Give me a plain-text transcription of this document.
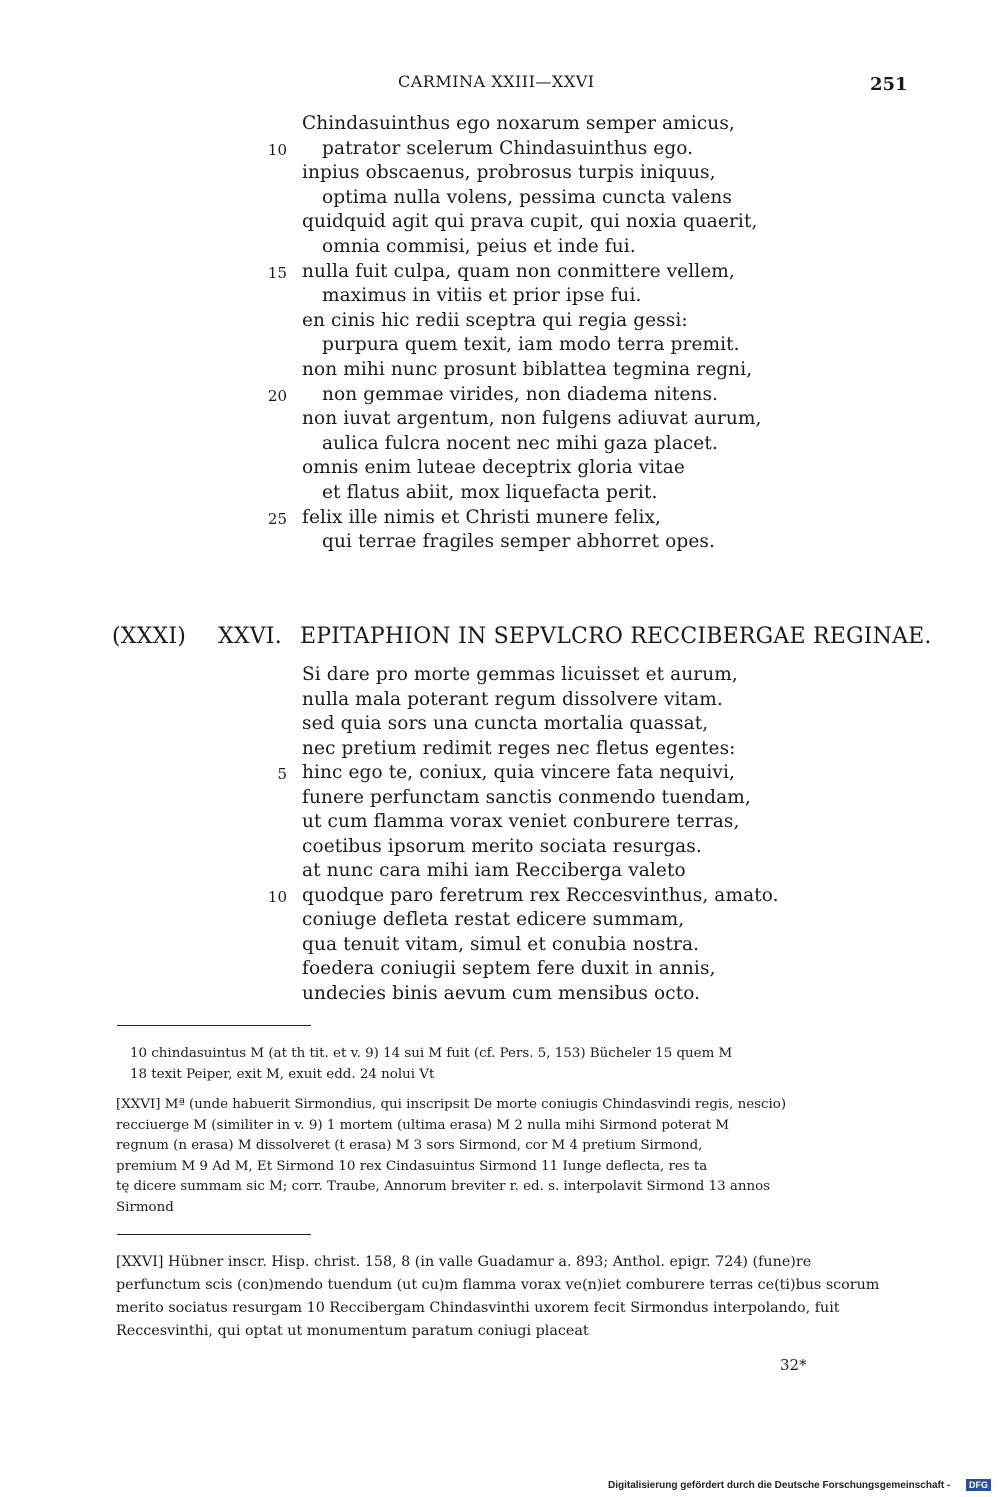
CARMINA XXIII—XXVI	251
Chindasuinthus ego noxarum semper amicus,
10 patrator scelerum Chindasuinthus ego.
inpius obscaenus, probrosus turpis iniquus,
optima nulla volens, pessima cuncta valens
quidquid agit qui prava cupit, qui noxia quaerit,
omnia commisi, peius et inde fui.
15 nulla fuit culpa, quam non conmittere vellem,
maximus in vitiis et prior ipse fui.
en cinis hic redii sceptra qui regia gessi:
purpura quem texit, iam modo terra premit.
non mihi nunc prosunt biblattea tegmina regni,
20 non gemmae virides, non diadema nitens.
non iuvat argentum, non fulgens adiuvat aurum,
aulica fulcra nocent nec mihi gaza placet.
omnis enim luteae deceptrix gloria vitae
et flatus abiit, mox liquefacta perit.
25 felix ille nimis et Christi munere felix,
qui terrae fragiles semper abhorret opes.
(XXXI) XXVI. EPITAPHION IN SEPVLCRO RECCIBERGAE REGINAE.
Si dare pro morte gemmas licuisset et aurum,
nulla mala poterant regum dissolvere vitam.
sed quia sors una cuncta mortalia quassat,
nec pretium redimit reges nec fletus egentes:
5 hinc ego te, coniux, quia vincere fata nequivi,
funere perfunctam sanctis conmendo tuendam,
ut cum flamma vorax veniet conburere terras,
coetibus ipsorum merito sociata resurgas.
at nunc cara mihi iam Recciberga valeto
10 quodque paro feretrum rex Reccesvinthus, amato.
coniuge defleta restat edicere summam,
qua tenuit vitam, simul et conubia nostra.
foedera coniugii septem fere duxit in annis,
undecies binis aevum cum mensibus octo.
10 chindasuintus M (at th tit. et v. 9) 14 sui M fuit (cf. Pers. 5, 153) Bücheler 15 quem M
18 texit Peiper, exit M, exuit edd. 24 nolui Vt
[XXVI] Mª (unde habuerit Sirmondius, qui inscripsit De morte coniugis Chindasvindi regis, nescio)
recciuerge M (similiter in v. 9) 1 mortem (ultima erasa) M 2 nulla mihi Sirmond poterat M
regnum (n erasa) M dissolveret (t erasa) M 3 sors Sirmond, cor M 4 pretium Sirmond,
premium M 9 Ad M, Et Sirmond 10 rex Cindasuintus Sirmond 11 Iunge deflecta, res ta
tę dicere summam sic M; corr. Traube, Annorum breviter r. ed. s. interpolavit Sirmond 13 annos
Sirmond
[XXVI] Hübner inscr. Hisp. christ. 158, 8 (in valle Guadamur a. 893; Anthol. epigr. 724) (fune)re
perfunctum scis (con)mendo tuendum (ut cu)m flamma vorax ve(n)iet comburere terras ce(ti)bus scorum
merito sociatus resurgam 10 Reccibergam Chindasvinthi uxorem fecit Sirmondus interpolando, fuit
Reccesvinthi, qui optat ut monumentum paratum coniugi placeat
32*
Digitalisierung gefördert durch die Deutsche Forschungsgemeinschaft -	DFG
